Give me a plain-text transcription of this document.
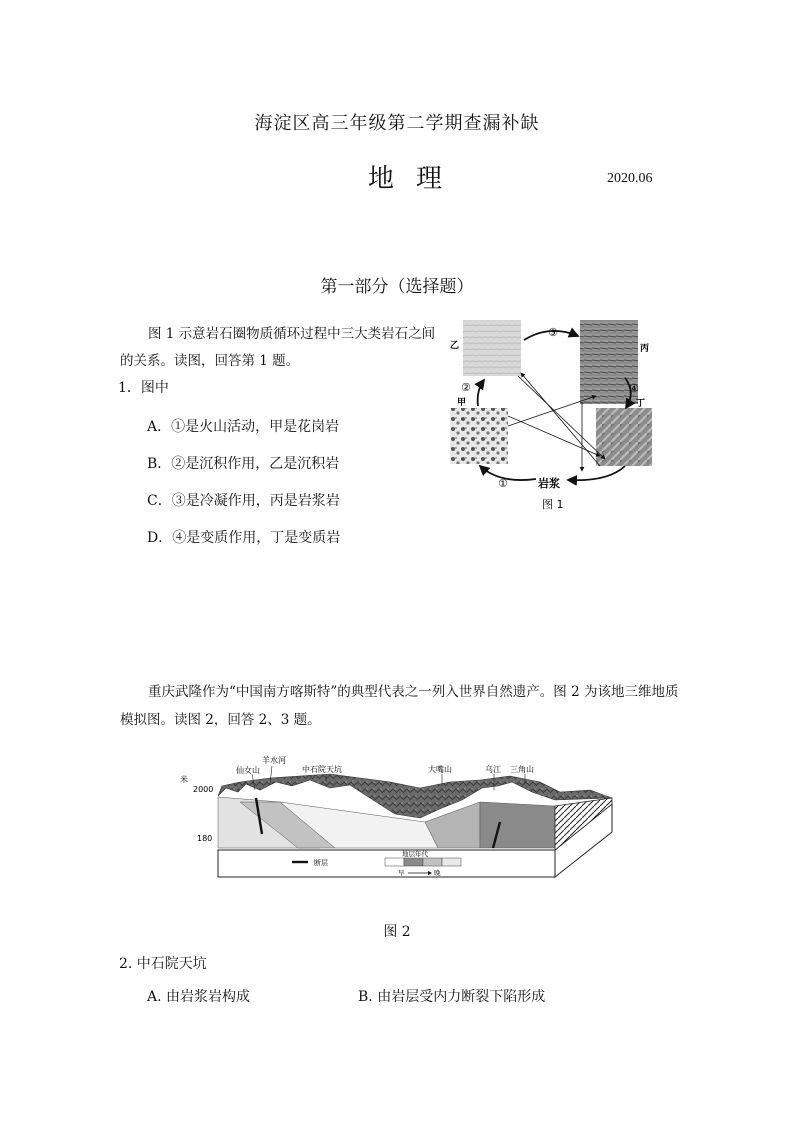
海淀区高三年级第二学期查漏补缺
地理	2020.06
第一部分（选择题）
图 1 示意岩石圈物质循环过程中三大类岩石之间的关系。读图，回答第 1 题。
1．图中
A．①是火山活动，甲是花岗岩
B．②是沉积作用，乙是沉积岩
C．③是冷凝作用，丙是岩浆岩
D．④是变质作用，丁是变质岩
③
④
①
②
乙	丙
甲	丁
岩浆
图 1
重庆武隆作为“中国南方喀斯特”的典型代表之一列入世界自然遗产。图 2 为该地三维地质模拟图。读图 2，回答 2、3 题。
米
2000
180
仙女山
羊水河
中石院天坑	大嘴山	乌江 三角山
断层
地层年代
早	晚
图 2
2. 中石院天坑
A. 由岩浆岩构成	B. 由岩层受内力断裂下陷形成
